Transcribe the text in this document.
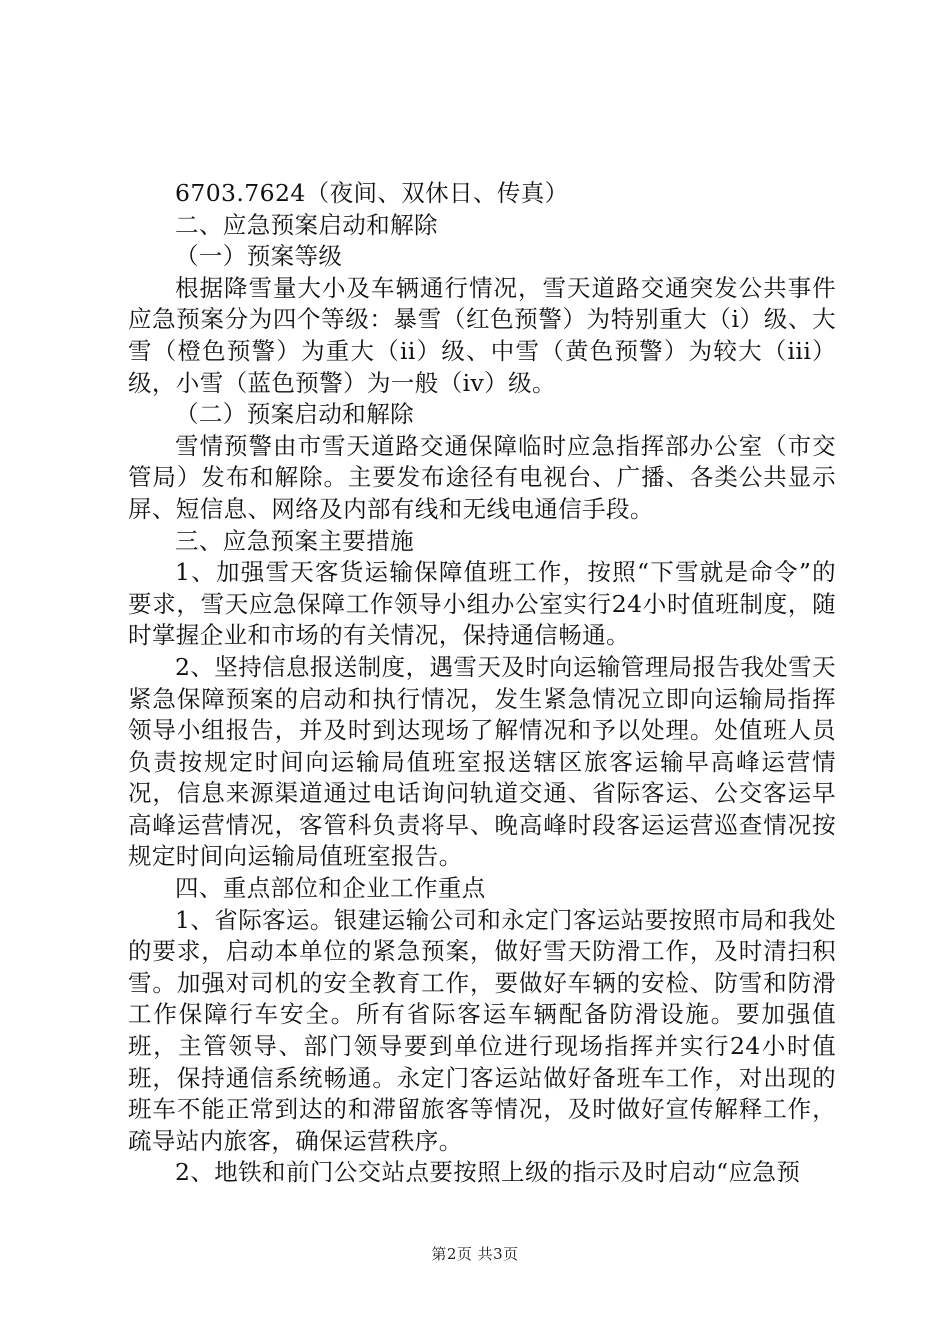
6703.7624（夜间、双休日、传真）

二、应急预案启动和解除

（一）预案等级

根据降雪量大小及车辆通行情况，雪天道路交通突发公共事件应急预案分为四个等级：暴雪（红色预警）为特别重大（i）级、大雪（橙色预警）为重大（ii）级、中雪（黄色预警）为较大（iii）级，小雪（蓝色预警）为一般（iv）级。

（二）预案启动和解除

雪情预警由市雪天道路交通保障临时应急指挥部办公室（市交管局）发布和解除。主要发布途径有电视台、广播、各类公共显示屏、短信息、网络及内部有线和无线电通信手段。

三、应急预案主要措施

1、加强雪天客货运输保障值班工作，按照“下雪就是命令”的要求，雪天应急保障工作领导小组办公室实行24小时值班制度，随时掌握企业和市场的有关情况，保持通信畅通。

2、坚持信息报送制度，遇雪天及时向运输管理局报告我处雪天紧急保障预案的启动和执行情况，发生紧急情况立即向运输局指挥领导小组报告，并及时到达现场了解情况和予以处理。处值班人员负责按规定时间向运输局值班室报送辖区旅客运输早高峰运营情况，信息来源渠道通过电话询问轨道交通、省际客运、公交客运早高峰运营情况，客管科负责将早、晚高峰时段客运运营巡查情况按规定时间向运输局值班室报告。

四、重点部位和企业工作重点

1、省际客运。银建运输公司和永定门客运站要按照市局和我处的要求，启动本单位的紧急预案，做好雪天防滑工作，及时清扫积雪。加强对司机的安全教育工作，要做好车辆的安检、防雪和防滑工作保障行车安全。所有省际客运车辆配备防滑设施。要加强值班，主管领导、部门领导要到单位进行现场指挥并实行24小时值班，保持通信系统畅通。永定门客运站做好备班车工作，对出现的班车不能正常到达的和滞留旅客等情况，及时做好宣传解释工作，疏导站内旅客，确保运营秩序。

2、地铁和前门公交站点要按照上级的指示及时启动“应急预

第2页 共3页
